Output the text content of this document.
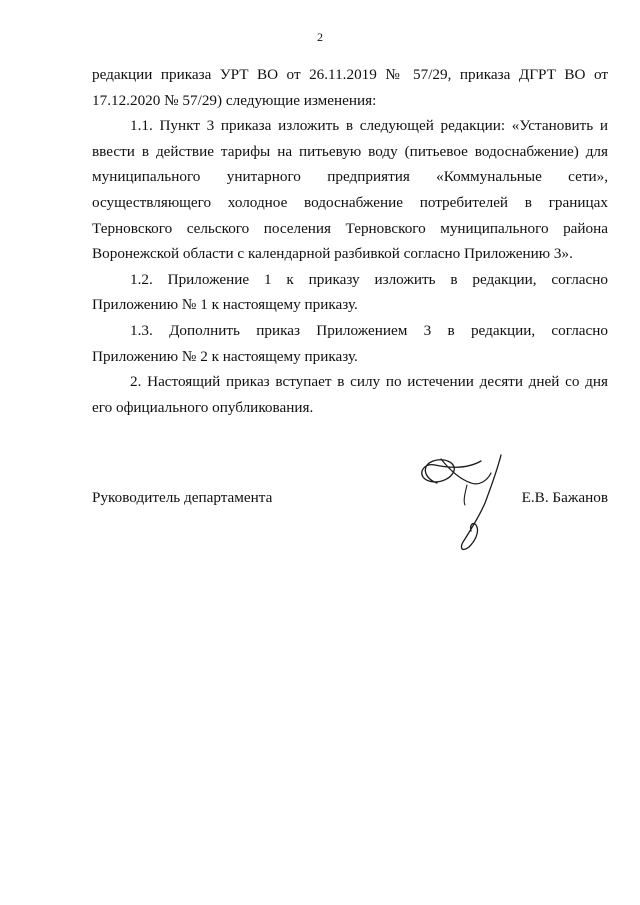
2

редакции приказа УРТ ВО от 26.11.2019 № 57/29, приказа ДГРТ ВО от 17.12.2020 № 57/29) следующие изменения:

1.1. Пункт 3 приказа изложить в следующей редакции: «Установить и ввести в действие тарифы на питьевую воду (питьевое водоснабжение) для муниципального унитарного предприятия «Коммунальные сети», осуществляющего холодное водоснабжение потребителей в границах Терновского сельского поселения Терновского муниципального района Воронежской области с календарной разбивкой согласно Приложению 3».

1.2. Приложение 1 к приказу изложить в редакции, согласно Приложению № 1 к настоящему приказу.

1.3. Дополнить приказ Приложением 3 в редакции, согласно Приложению № 2 к настоящему приказу.

2. Настоящий приказ вступает в силу по истечении десяти дней со дня его официального опубликования.

Руководитель департамента	Е.В. Бажанов
